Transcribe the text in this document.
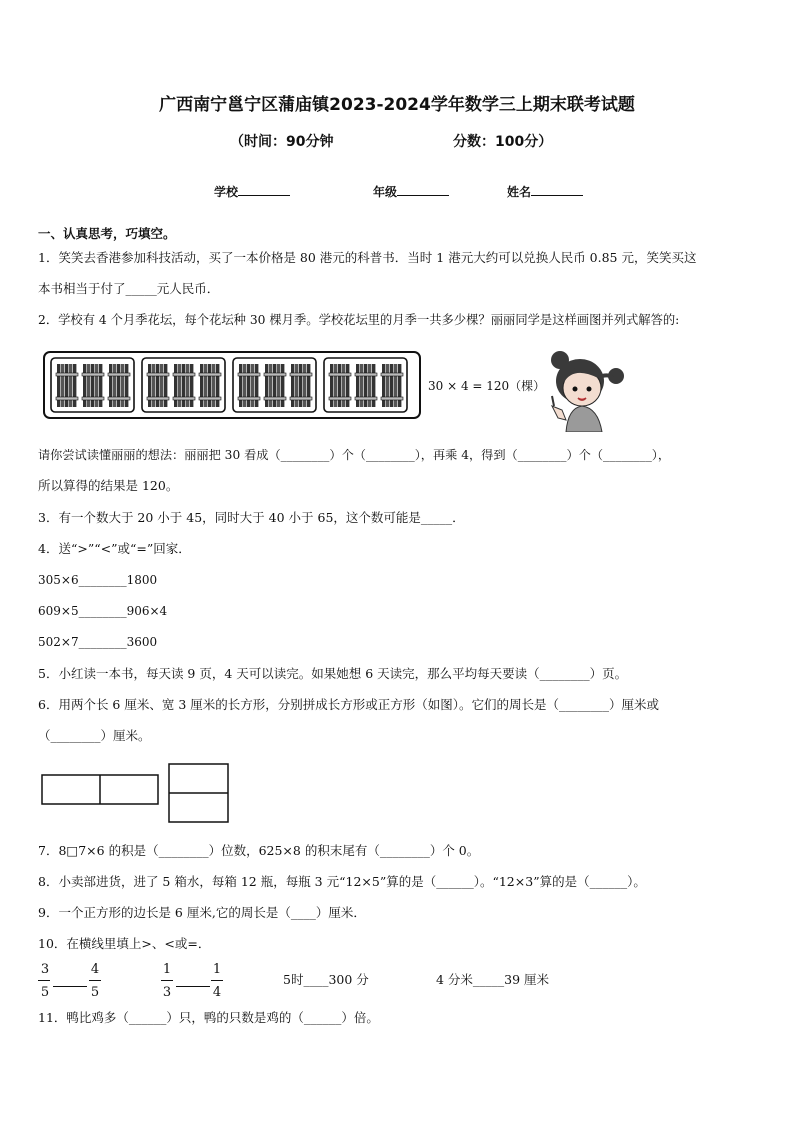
广西南宁邕宁区蒲庙镇2023-2024学年数学三上期末联考试题
（时间：90分钟	分数：100分）
学校	年级	姓名
一、认真思考，巧填空。
1．笑笑去香港参加科技活动，买了一本价格是 80 港元的科普书．当时 1 港元大约可以兑换人民币 0.85 元，笑笑买这
本书相当于付了_____元人民币．
2．学校有 4 个月季花坛，每个花坛种 30 棵月季。学校花坛里的月季一共多少棵？丽丽同学是这样画图并列式解答的:
30 × 4 = 120（棵）
请你尝试读懂丽丽的想法：丽丽把 30 看成（________）个（________），再乘 4，得到（________）个（________），
所以算得的结果是 120。
3．有一个数大于 20 小于 45，同时大于 40 小于 65，这个数可能是_____．
4．送“>”“<”或“=”回家．
305×6________1800
609×5________906×4
502×7________3600
5．小红读一本书，每天读 9 页，4 天可以读完。如果她想 6 天读完，那么平均每天要读（________）页。
6．用两个长 6 厘米、宽 3 厘米的长方形，分别拼成长方形或正方形（如图）。它们的周长是（________）厘米或
（________）厘米。
7．8□7×6 的积是（________）位数，625×8 的积末尾有（________）个 0。
8．小卖部进货，进了 5 箱水，每箱 12 瓶，每瓶 3 元“12×5”算的是（______）。“12×3”算的是（______）。
9．一个正方形的边长是 6 厘米,它的周长是（____）厘米．
10．在横线里填上>、<或=．
3
5
4
5
1
3
1
4
5时____300 分	4 分米_____39 厘米
11．鸭比鸡多（______）只，鸭的只数是鸡的（______）倍。
